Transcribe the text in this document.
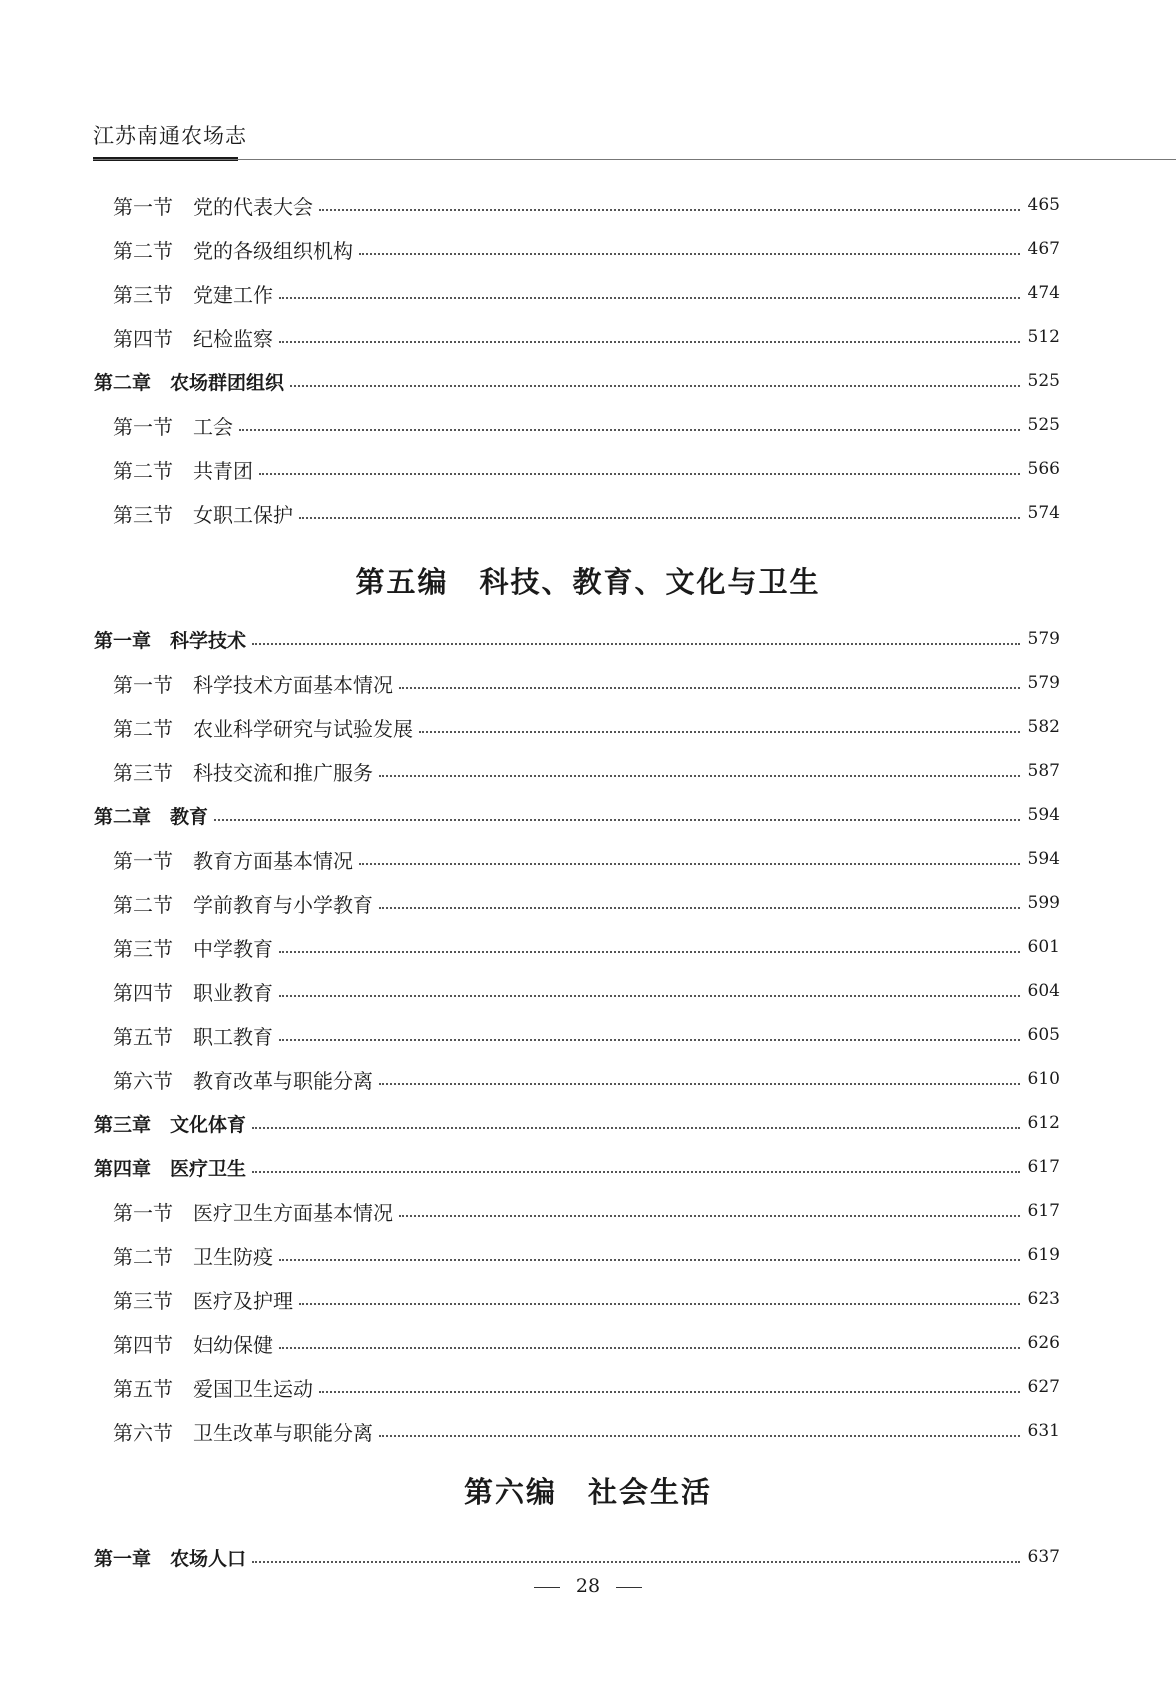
江苏南通农场志
第一节　党的代表大会	465
第二节　党的各级组织机构	467
第三节　党建工作	474
第四节　纪检监察	512
第二章　农场群团组织	525
第一节　工会	525
第二节　共青团	566
第三节　女职工保护	574
第一章　科学技术	579
第一节　科学技术方面基本情况	579
第二节　农业科学研究与试验发展	582
第三节　科技交流和推广服务	587
第二章　教育	594
第一节　教育方面基本情况	594
第二节　学前教育与小学教育	599
第三节　中学教育	601
第四节　职业教育	604
第五节　职工教育	605
第六节　教育改革与职能分离	610
第三章　文化体育	612
第四章　医疗卫生	617
第一节　医疗卫生方面基本情况	617
第二节　卫生防疫	619
第三节　医疗及护理	623
第四节　妇幼保健	626
第五节　爱国卫生运动	627
第六节　卫生改革与职能分离	631
第一章　农场人口	637
第五编　科技、教育、文化与卫生
第六编　社会生活
28
